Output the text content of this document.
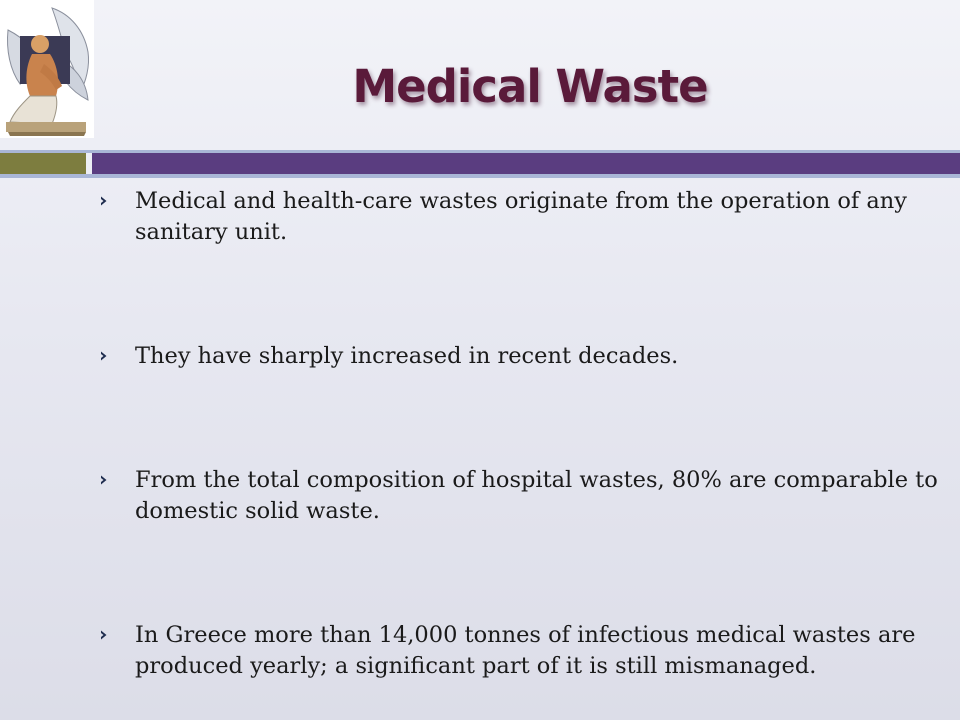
Medical Waste
Medical and health-care wastes originate from the operation of any sanitary unit.
They have sharply increased in recent decades.
From the total composition of hospital wastes, 80% are comparable to domestic solid waste.
In Greece more than 14,000 tonnes of infectious medical wastes are produced yearly; a significant part of it is still mismanaged.
